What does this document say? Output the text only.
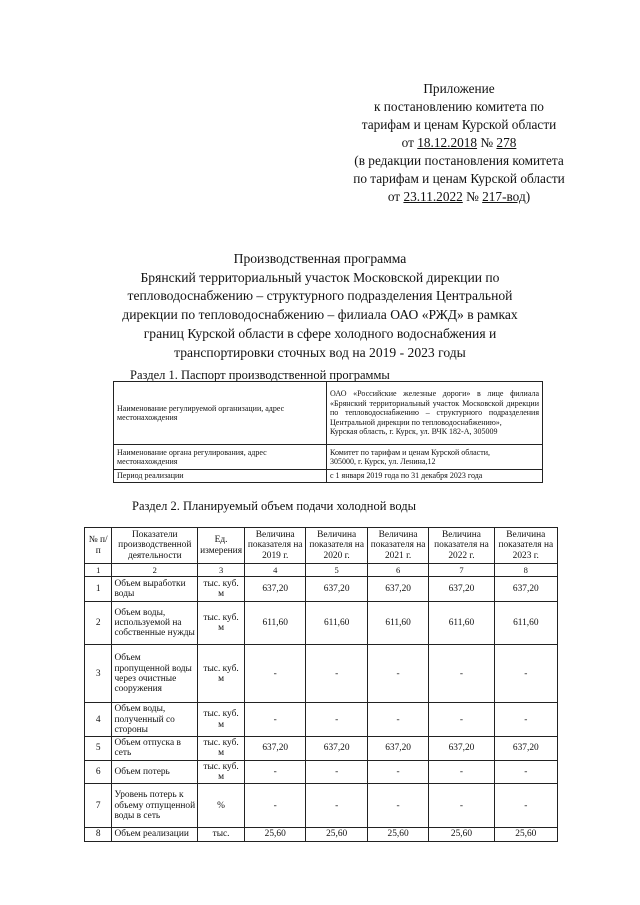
Приложение
к постановлению комитета по
тарифам и ценам Курской области
от 18.12.2018 № 278
(в редакции постановления комитета
по тарифам и ценам Курской области
от 23.11.2022 № 217-вод)
Производственная программа
Брянский территориальный участок Московской дирекции по
тепловодоснабжению – структурного подразделения Центральной
дирекции по тепловодоснабжению – филиала ОАО «РЖД» в рамках
границ Курской области в сфере холодного водоснабжения и
транспортировки сточных вод на 2019 - 2023 годы
Раздел 1. Паспорт производственной программы
Наименование регулируемой организации, адрес местонахождения	ОАО «Российские железные дороги» в лице филиала «Брянский территориальный участок Московской дирекции по тепловодоснабжению – структурного подразделения Центральной дирекции по тепловодоснабжению»,
Курская область, г. Курск, ул. ВЧК 182-А, 305009
Наименование органа регулирования, адрес местонахождения	Комитет по тарифам и ценам Курской области,
305000, г. Курск, ул. Ленина,12
Период реализации	с 1 января 2019 года по 31 декабря 2023 года
Раздел 2. Планируемый объем подачи холодной воды
№ п/п	Показатели производственной деятельности	Ед. измерения	Величина показателя на 2019 г.	Величина показателя на 2020 г.	Величина показателя на 2021 г.	Величина показателя на 2022 г.	Величина показателя на 2023 г.
1	2	3	4	5	6	7	8
1	Объем выработки воды	тыс. куб. м	637,20	637,20	637,20	637,20	637,20
2	Объем воды, используемой на собственные нужды	тыс. куб. м	611,60	611,60	611,60	611,60	611,60
3	Объем пропущенной воды через очистные сооружения	тыс. куб. м	-	-	-	-	-
4	Объем воды, полученный со стороны	тыс. куб. м	-	-	-	-	-
5	Объем отпуска в сеть	тыс. куб. м	637,20	637,20	637,20	637,20	637,20
6	Объем потерь	тыс. куб. м	-	-	-	-	-
7	Уровень потерь к объему отпущенной воды в сеть	%	-	-	-	-	-
8	Объем реализации	тыс.	25,60	25,60	25,60	25,60	25,60
